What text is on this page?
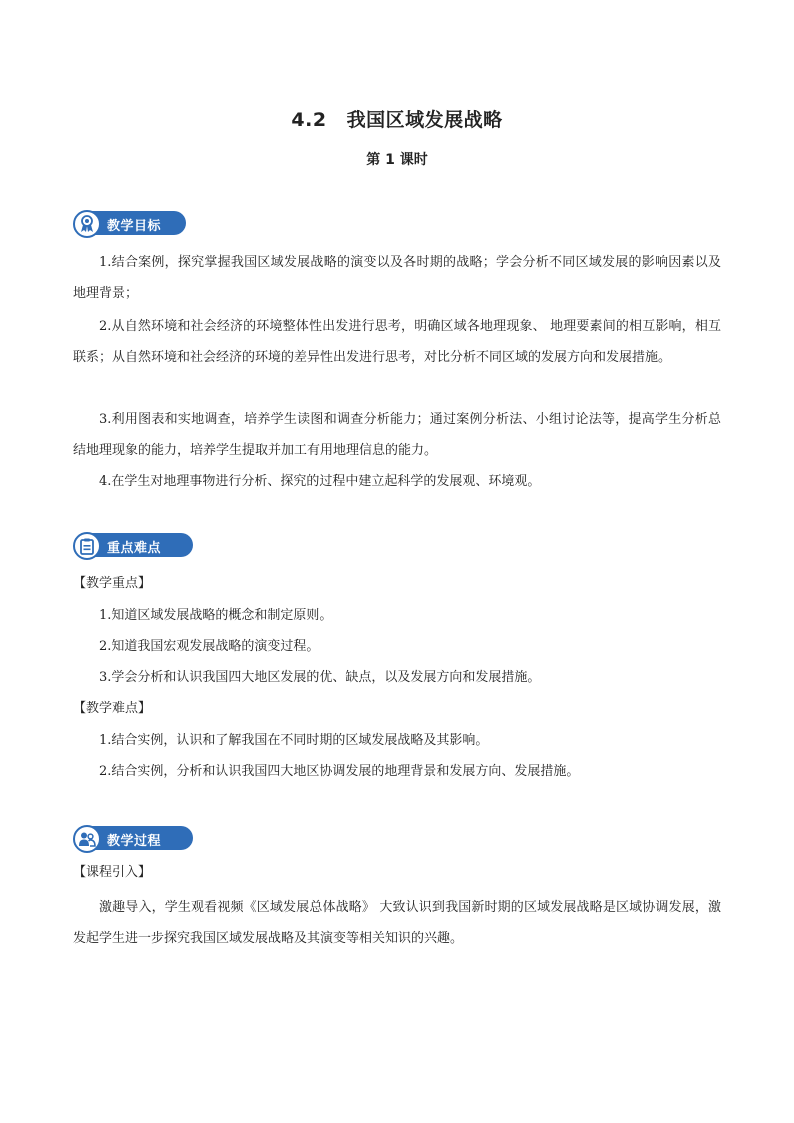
4.2 我国区域发展战略
第 1 课时
教学目标
1.结合案例，探究掌握我国区域发展战略的演变以及各时期的战略；学会分析不同区域发展的影响因素以及地理背景；
2.从自然环境和社会经济的环境整体性出发进行思考，明确区域各地理现象、 地理要素间的相互影响，相互联系；从自然环境和社会经济的环境的差异性出发进行思考，对比分析不同区域的发展方向和发展措施。
3.利用图表和实地调查，培养学生读图和调查分析能力；通过案例分析法、小组讨论法等，提高学生分析总结地理现象的能力，培养学生提取并加工有用地理信息的能力。
4.在学生对地理事物进行分析、探究的过程中建立起科学的发展观、环境观。
重点难点
【教学重点】
1.知道区域发展战略的概念和制定原则。
2.知道我国宏观发展战略的演变过程。
3.学会分析和认识我国四大地区发展的优、缺点，以及发展方向和发展措施。
【教学难点】
1.结合实例，认识和了解我国在不同时期的区域发展战略及其影响。
2.结合实例，分析和认识我国四大地区协调发展的地理背景和发展方向、发展措施。
教学过程
【课程引入】
激趣导入，学生观看视频《区域发展总体战略》 大致认识到我国新时期的区域发展战略是区域协调发展，激发起学生进一步探究我国区域发展战略及其演变等相关知识的兴趣。
